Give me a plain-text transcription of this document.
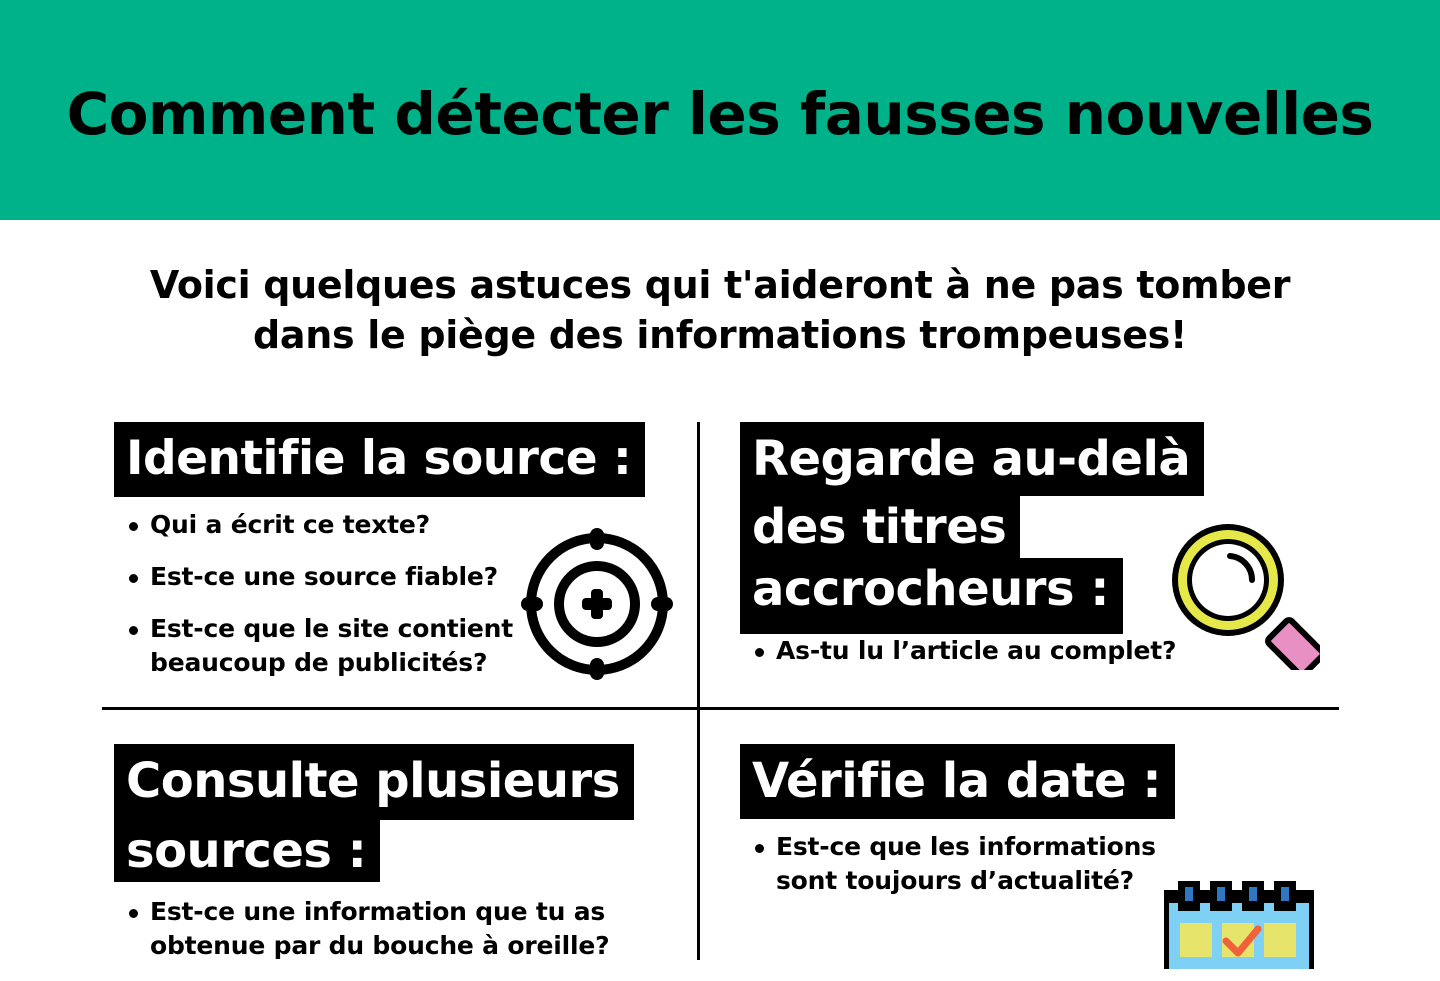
Comment détecter les fausses nouvelles
Voici quelques astuces qui t'aideront à ne pas tomber
dans le piège des informations trompeuses!
Identifie la source :
Qui a écrit ce texte?
Est-ce une source fiable?
Est-ce que le site contient beaucoup de publicités?
Regarde au-delà
des titres
accrocheurs :
As-tu lu l’article au complet?
Consulte plusieurs
sources :
Est-ce une information que tu as obtenue par du bouche à oreille?
Vérifie la date :
Est-ce que les informations sont toujours d’actualité?
